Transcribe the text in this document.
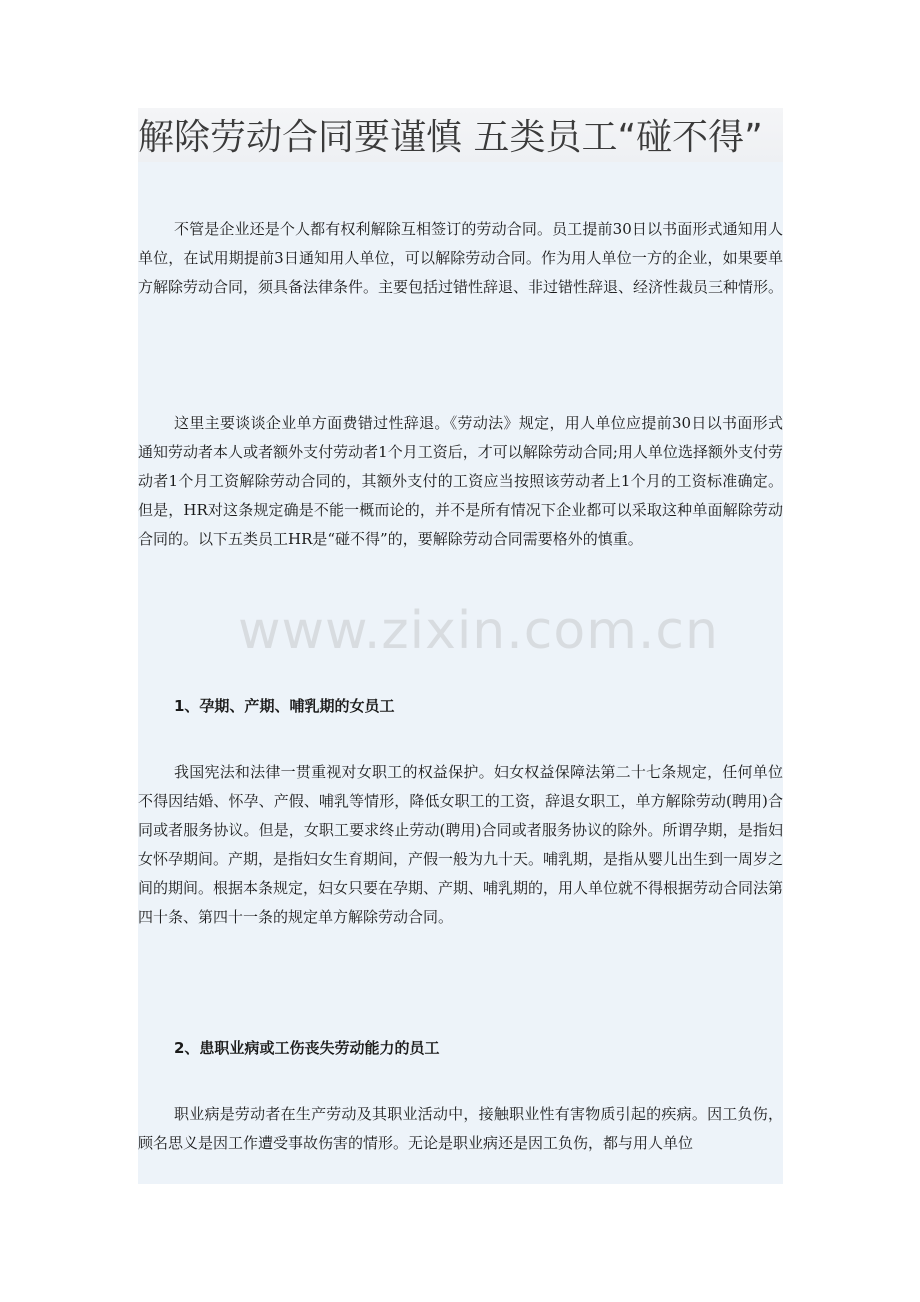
解除劳动合同要谨慎 五类员工“碰不得”

不管是企业还是个人都有权利解除互相签订的劳动合同。员工提前30日以书面形式通知用人单位，在试用期提前3日通知用人单位，可以解除劳动合同。作为用人单位一方的企业，如果要单方解除劳动合同，须具备法律条件。主要包括过错性辞退、非过错性辞退、经济性裁员三种情形。

这里主要谈谈企业单方面费错过性辞退。《劳动法》规定，用人单位应提前30日以书面形式通知劳动者本人或者额外支付劳动者1个月工资后，才可以解除劳动合同;用人单位选择额外支付劳动者1个月工资解除劳动合同的，其额外支付的工资应当按照该劳动者上1个月的工资标准确定。但是，HR对这条规定确是不能一概而论的，并不是所有情况下企业都可以采取这种单面解除劳动合同的。以下五类员工HR是“碰不得”的，要解除劳动合同需要格外的慎重。

1、孕期、产期、哺乳期的女员工

我国宪法和法律一贯重视对女职工的权益保护。妇女权益保障法第二十七条规定，任何单位不得因结婚、怀孕、产假、哺乳等情形，降低女职工的工资，辞退女职工，单方解除劳动(聘用)合同或者服务协议。但是，女职工要求终止劳动(聘用)合同或者服务协议的除外。所谓孕期，是指妇女怀孕期间。产期，是指妇女生育期间，产假一般为九十天。哺乳期，是指从婴儿出生到一周岁之间的期间。根据本条规定，妇女只要在孕期、产期、哺乳期的，用人单位就不得根据劳动合同法第四十条、第四十一条的规定单方解除劳动合同。

2、患职业病或工伤丧失劳动能力的员工

职业病是劳动者在生产劳动及其职业活动中，接触职业性有害物质引起的疾病。因工负伤，顾名思义是因工作遭受事故伤害的情形。无论是职业病还是因工负伤，都与用人单位

www.zixin.com.cn
